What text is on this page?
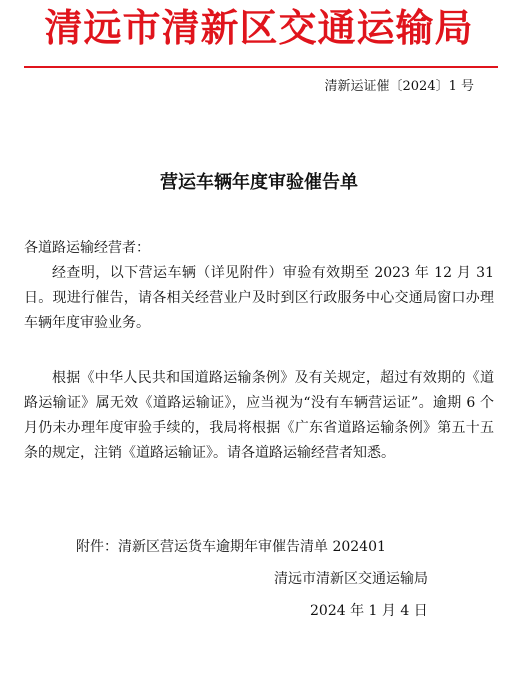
清远市清新区交通运输局
清新运证催〔2024〕1 号
营运车辆年度审验催告单
各道路运输经营者：

经查明，以下营运车辆（详见附件）审验有效期至 2023 年 12 月 31 日。现进行催告，请各相关经营业户及时到区行政服务中心交通局窗口办理车辆年度审验业务。

根据《中华人民共和国道路运输条例》及有关规定，超过有效期的《道路运输证》属无效《道路运输证》，应当视为“没有车辆营运证”。逾期 6 个月仍未办理年度审验手续的，我局将根据《广东省道路运输条例》第五十五条的规定，注销《道路运输证》。请各道路运输经营者知悉。

附件：清新区营运货车逾期年审催告清单 202401
清远市清新区交通运输局
2024 年 1 月 4 日
